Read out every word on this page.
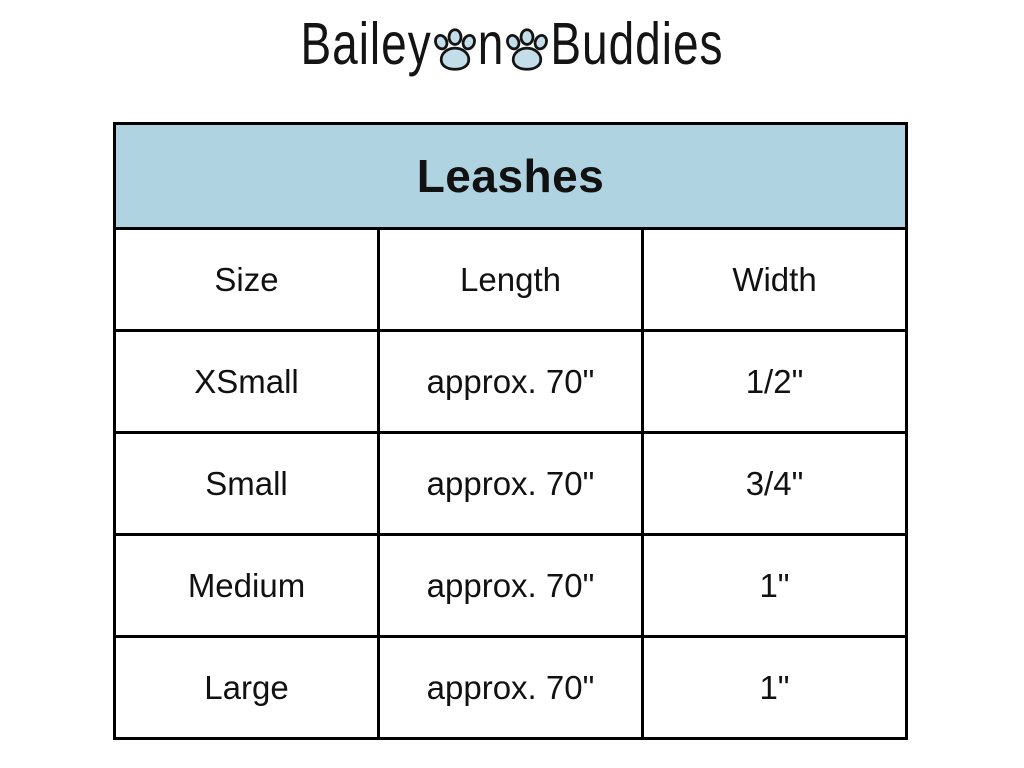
Bailey n Buddies
Leashes		
Size	Length	Width
XSmall	approx. 70"	1/2"
Small	approx. 70"	3/4"
Medium	approx. 70"	1"
Large	approx. 70"	1"
